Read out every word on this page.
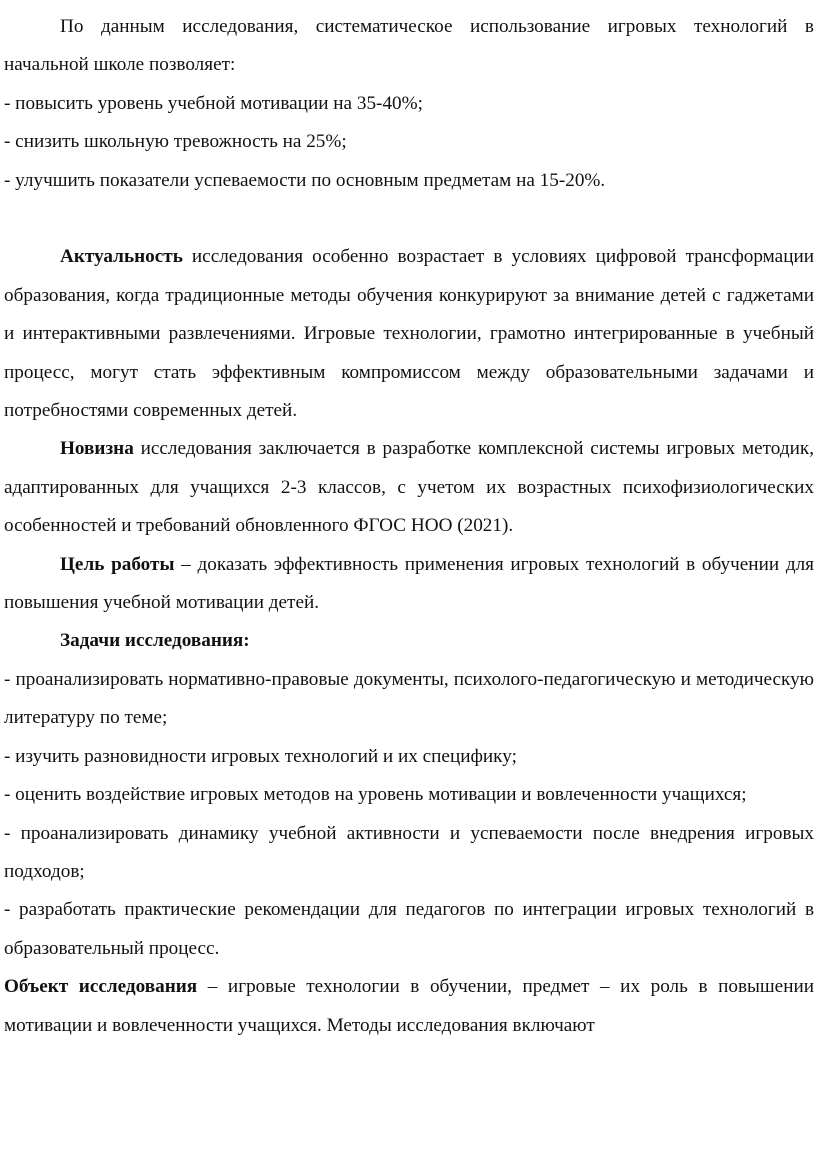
По данным исследования, систематическое использование игровых технологий в начальной школе позволяет:

- повысить уровень учебной мотивации на 35-40%;

- снизить школьную тревожность на 25%;

- улучшить показатели успеваемости по основным предметам на 15-20%.

Актуальность исследования особенно возрастает в условиях цифровой трансформации образования, когда традиционные методы обучения конкурируют за внимание детей с гаджетами и интерактивными развлечениями. Игровые технологии, грамотно интегрированные в учебный процесс, могут стать эффективным компромиссом между образовательными задачами и потребностями современных детей.

Новизна исследования заключается в разработке комплексной системы игровых методик, адаптированных для учащихся 2-3 классов, с учетом их возрастных психофизиологических особенностей и требований обновленного ФГОС НОО (2021).

Цель работы – доказать эффективность применения игровых технологий в обучении для повышения учебной мотивации детей.

Задачи исследования:

- проанализировать нормативно-правовые документы, психолого-педагогическую и методическую литературу по теме;

- изучить разновидности игровых технологий и их специфику;

- оценить воздействие игровых методов на уровень мотивации и вовлеченности учащихся;

- проанализировать динамику учебной активности и успеваемости после внедрения игровых подходов;

- разработать практические рекомендации для педагогов по интеграции игровых технологий в образовательный процесс.

Объект исследования – игровые технологии в обучении, предмет – их роль в повышении мотивации и вовлеченности учащихся. Методы исследования включают
